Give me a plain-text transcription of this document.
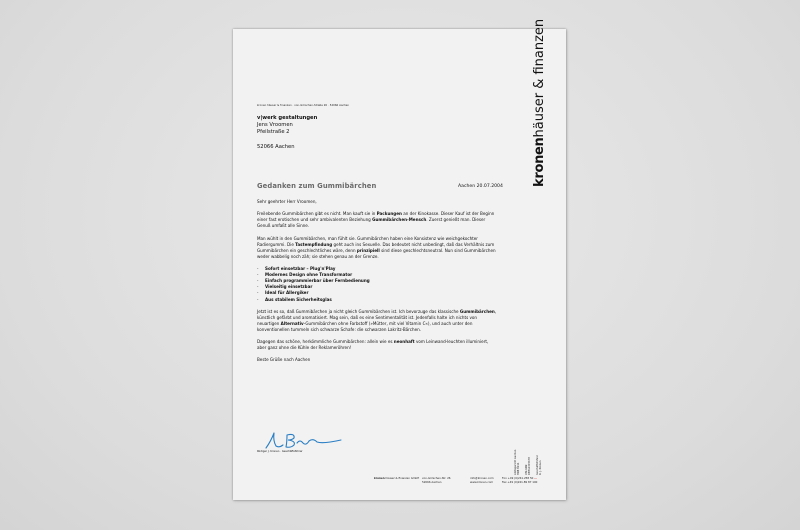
kronen häuser & finanzen · von-Görschen-Straße 26 · 52066 Aachen
v|werk gestaltungen
Jens Vroomen
Pfeilstraße 2
52066 Aachen
Gedanken zum Gummibärchen	Aachen 20.07.2004

Sehr geehrter Herr Vroomen,

Freilebende Gummibärchen gibt es nicht. Man kauft sie in Packungen an der Kinokasse. Dieser Kauf ist der Beginn einer fast erotischen und sehr ambivalenten Beziehung Gummibärchen-Mensch. Zuerst genießt man. Dieser Genuß umfaßt alle Sinne.

Man wühlt in den Gummibärchen, man fühlt sie. Gummibärchen haben eine Konsistenz wie weichgekochter Radiergummi. Die Tastempfindung geht auch ins Sexuelle. Das bedeutet nicht unbedingt, daß das Verhältnis zum Gummibärchen ein geschlechtliches wäre, denn prinzipiell sind diese geschlechtsneutral. Nun sind Gummibärchen weder wabbelig noch zäh; sie stehen genau an der Grenze.

· Sofort einsetzbar – Plug'n'Play
· Modernes Design ohne Transformator
· Einfach programmierbar über Fernbedienung
· Vielseitig einsetzbar
· Ideal für Allergiker
· Aus stabilem Sicherheitsglas

Jetzt ist es so, daß Gummibärchen ja nicht gleich Gummibärchen ist. Ich bevorzuge das klassische Gummibärchen, künstlich gefärbt und aromatisiert. Mag sein, daß es eine Sentimentalität ist. Jedenfalls halte ich nichts von neuartigen Alternativ-Gummibärchen ohne Farbstoff (»Mütter, mit viel Vitamin C«), und auch unter den konventionellen tummeln sich schwarze Schafe: die schwarzen Lakritz-Bärchen.

Dagegen das schöne, herkömmliche Gummibärchen: allein wie es neonhaft vom Leinwand-leuchten illuminiert, aber ganz ohne die Kühle der Reklameröhren!

Beste Grüße nach Aachen

Rüdiger J. Kronen · Geschäftsführer
kronenhäuser & finanzen
Amtsgericht Aachen HRB 8211 USt-IdNr. DE812345678 Geschäftsführer R. J. Kronen
kronen häuser & finanzen GmbH von-Görschen-Str. 26
52066 Aachen
info@kronen.com
www.kronen.com
Fon +49 (0)241.258 50 ···
Fax +49 (0)241.89 87 100
